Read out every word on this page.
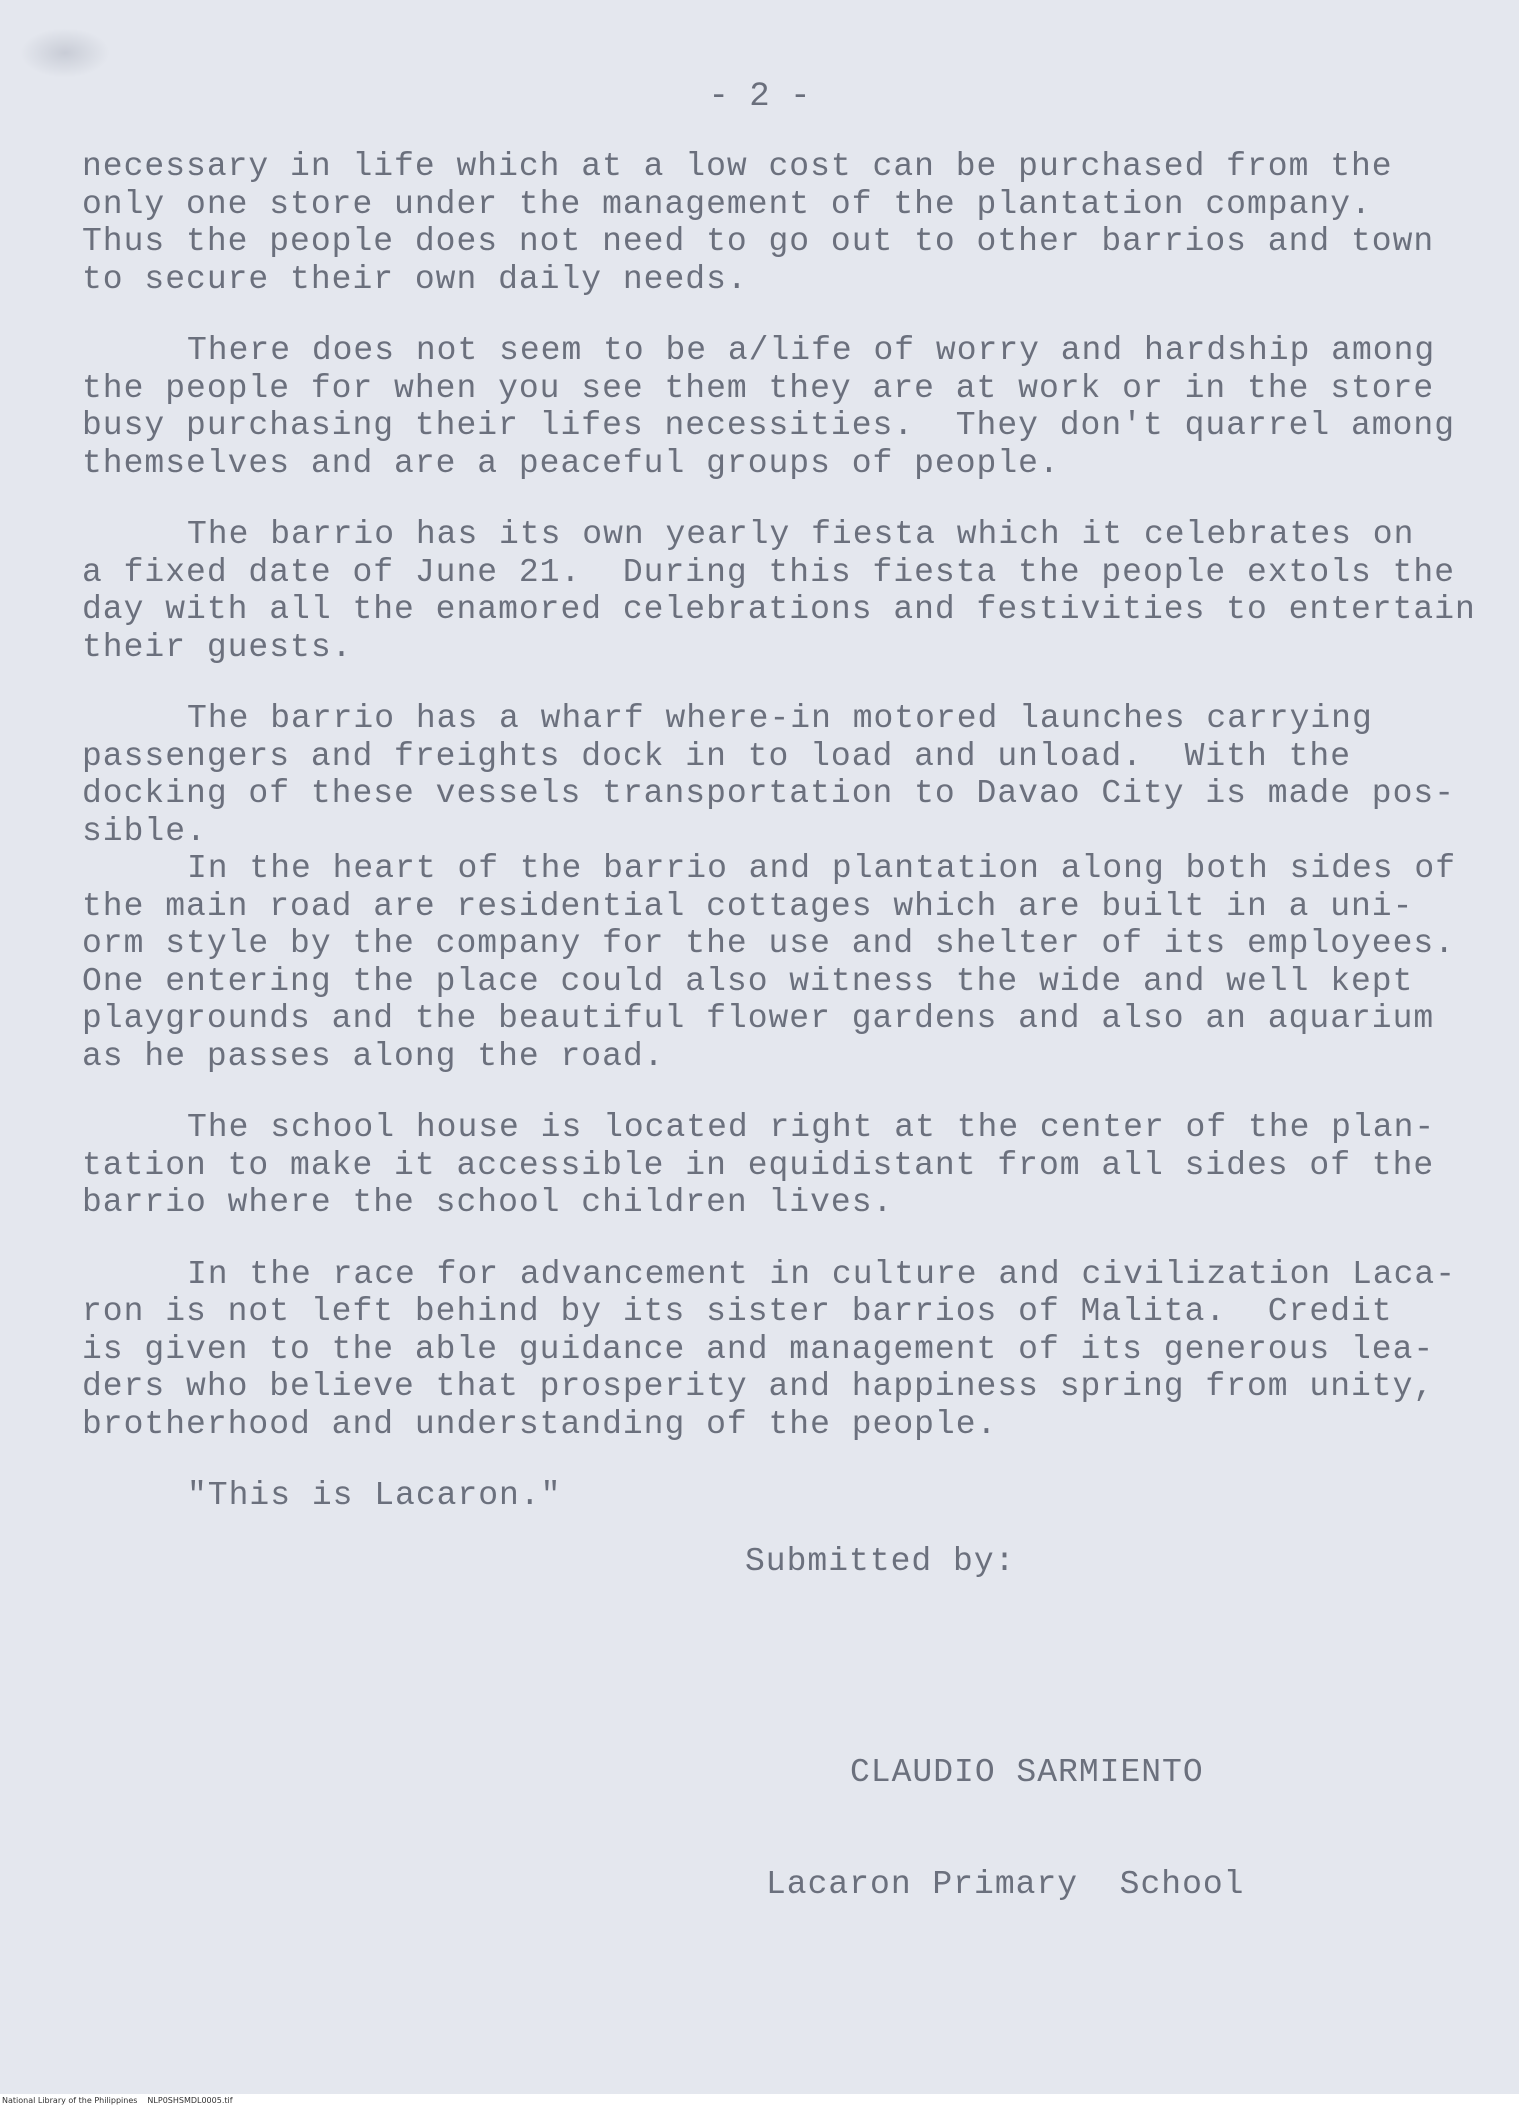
- 2 -
necessary in life which at a low cost can be purchased from the
only one store under the management of the plantation company.
Thus the people does not need to go out to other barrios and town
to secure their own daily needs.
There does not seem to be a/life of worry and hardship among
the people for when you see them they are at work or in the store
busy purchasing their lifes necessities.  They don't quarrel among
themselves and are a peaceful groups of people.
The barrio has its own yearly fiesta which it celebrates on
a fixed date of June 21.  During this fiesta the people extols the
day with all the enamored celebrations and festivities to entertain
their guests.
The barrio has a wharf where-in motored launches carrying
passengers and freights dock in to load and unload.  With the
docking of these vessels transportation to Davao City is made pos-
sible.
In the heart of the barrio and plantation along both sides of
the main road are residential cottages which are built in a uni-
orm style by the company for the use and shelter of its employees.
One entering the place could also witness the wide and well kept
playgrounds and the beautiful flower gardens and also an aquarium
as he passes along the road.
The school house is located right at the center of the plan-
tation to make it accessible in equidistant from all sides of the
barrio where the school children lives.
In the race for advancement in culture and civilization Laca-
ron is not left behind by its sister barrios of Malita.  Credit
is given to the able guidance and management of its generous lea-
ders who believe that prosperity and happiness spring from unity,
brotherhood and understanding of the people.
"This is Lacaron."
Submitted by:

CLAUDIO SARMIENTO

Lacaron Primary  School

National Library of the Philippines NLP0SHSMDL0005.tif
